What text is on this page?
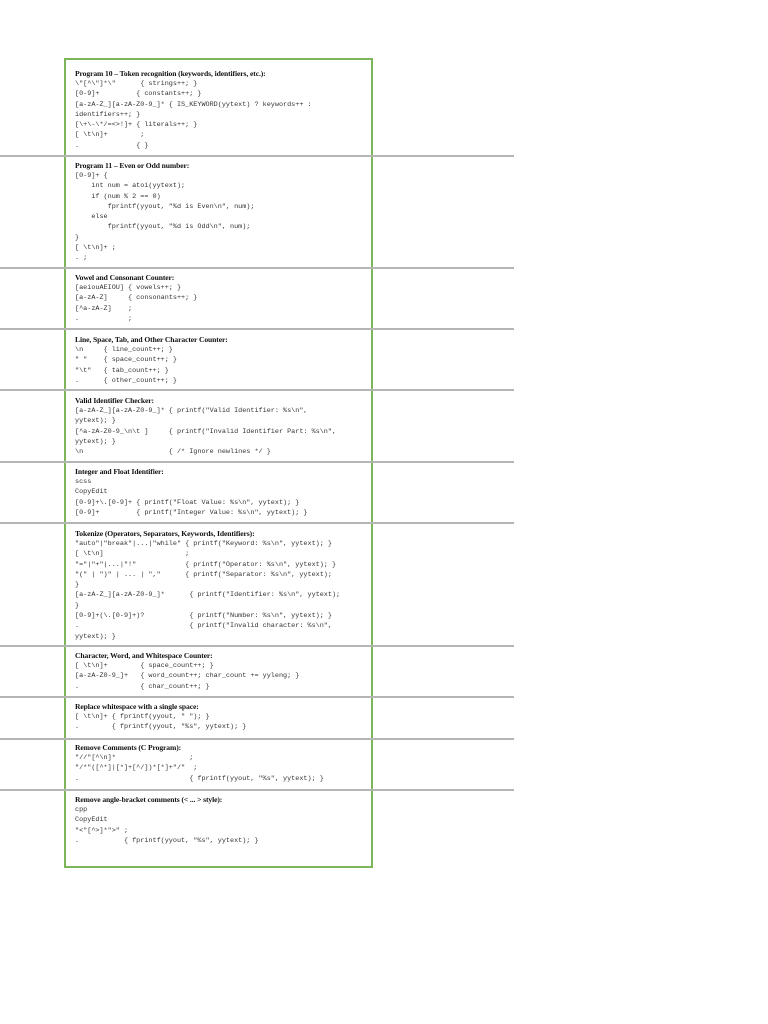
Program 10 – Token recognition (keywords, identifiers, etc.):
\"[^\"]*\"      { strings++; }
[0-9]+         { constants++; }
[a-zA-Z_][a-zA-Z0-9_]* { IS_KEYWORD(yytext) ? keywords++ :
identifiers++; }
[\+\-\*/=<>!]+ { literals++; }
[ \t\n]+        ;
.              { }
Program 11 – Even or Odd number:
[0-9]+ {
int num = atoi(yytext);
if (num % 2 == 0)
fprintf(yyout, "%d is Even\n", num);
else
fprintf(yyout, "%d is Odd\n", num);
}
[ \t\n]+ ;
. ;
Vowel and Consonant Counter:
[aeiouAEIOU] { vowels++; }
[a-zA-Z]     { consonants++; }
[^a-zA-Z]    ;
.            ;
Line, Space, Tab, and Other Character Counter:
\n     { line_count++; }
" "    { space_count++; }
"\t"   { tab_count++; }
.      { other_count++; }
Valid Identifier Checker:
[a-zA-Z_][a-zA-Z0-9_]* { printf("Valid Identifier: %s\n",
yytext); }
[^a-zA-Z0-9_\n\t ]     { printf("Invalid Identifier Part: %s\n",
yytext); }
\n                     { /* Ignore newlines */ }
Integer and Float Identifier:
scss
CopyEdit
[0-9]+\.[0-9]+ { printf("Float Value: %s\n", yytext); }
[0-9]+         { printf("Integer Value: %s\n", yytext); }
Tokenize (Operators, Separators, Keywords, Identifiers):
"auto"|"break"|...|"while" { printf("Keyword: %s\n", yytext); }
[ \t\n]                    ;
"="|"+"|...|"!"            { printf("Operator: %s\n", yytext); }
"(" | ")" | ... | ","      { printf("Separator: %s\n", yytext);
}
[a-zA-Z_][a-zA-Z0-9_]*      { printf("Identifier: %s\n", yytext);
}
[0-9]+(\.[0-9]+)?           { printf("Number: %s\n", yytext); }
.                           { printf("Invalid character: %s\n",
yytext); }
Character, Word, and Whitespace Counter:
[ \t\n]+        { space_count++; }
[a-zA-Z0-9_]+   { word_count++; char_count += yyleng; }
.               { char_count++; }
Replace whitespace with a single space:
[ \t\n]+ { fprintf(yyout, " "); }
.        { fprintf(yyout, "%s", yytext); }
Remove Comments (C Program):
"//"[^\n]*                  ;
"/*"([^*]|[*]+[^/])*[*]+"/"  ;
.                           { fprintf(yyout, "%s", yytext); }
Remove angle-bracket comments (< ... > style):
cpp
CopyEdit
"<"[^>]*">" ;
.           { fprintf(yyout, "%s", yytext); }
